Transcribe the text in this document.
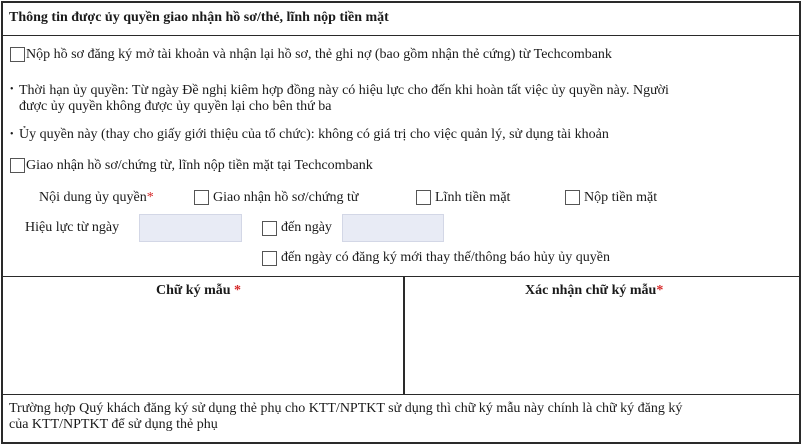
Thông tin được ủy quyền giao nhận hồ sơ/thẻ, lĩnh nộp tiền mặt
Nộp hồ sơ đăng ký mở tài khoản và nhận lại hồ sơ, thẻ ghi nợ (bao gồm nhận thẻ cứng) từ Techcombank
• Thời hạn ủy quyền: Từ ngày Đề nghị kiêm hợp đồng này có hiệu lực cho đến khi hoàn tất việc ủy quyền này. Người
được ủy quyền không được ủy quyền lại cho bên thứ ba
• Ủy quyền này (thay cho giấy giới thiệu của tổ chức): không có giá trị cho việc quản lý, sử dụng tài khoản
Giao nhận hồ sơ/chứng từ, lĩnh nộp tiền mặt tại Techcombank
Nội dung ủy quyền*	Giao nhận hồ sơ/chứng từ	Lĩnh tiền mặt	Nộp tiền mặt
Hiệu lực từ ngày	đến ngày
đến ngày có đăng ký mới thay thế/thông báo hủy ủy quyền
Chữ ký mẫu *	Xác nhận chữ ký mẫu*
Trường hợp Quý khách đăng ký sử dụng thẻ phụ cho KTT/NPTKT sử dụng thì chữ ký mẫu này chính là chữ ký đăng ký
của KTT/NPTKT để sử dụng thẻ phụ
